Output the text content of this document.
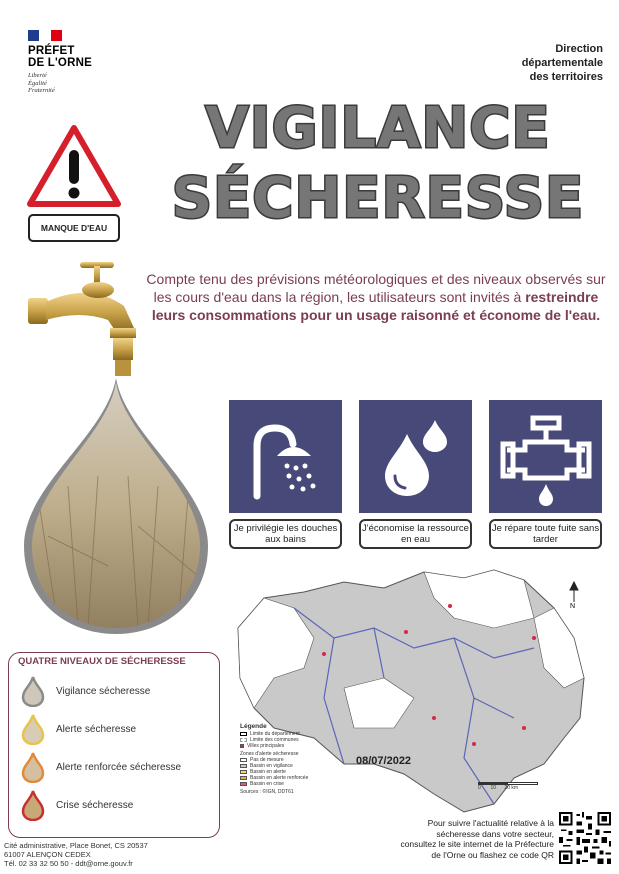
PRÉFET
DE L'ORNE
Liberté
Égalité
Fraternité
Direction
départementale
des territoires
VIGILANCE
SÉCHERESSE
MANQUE D'EAU
Compte tenu des prévisions météorologiques et des niveaux observés sur les cours d'eau dans la région, les utilisateurs sont invités à restreindre leurs consommations pour un usage raisonné et économe de l'eau.
Je privilégie les douches aux bains
J'économise la ressource en eau
Je répare toute fuite sans tarder
N
Légende
Limite du département
Limite des communes
Villes principales
Zones d'alerte sécheresse
Pas de mesure
Bassin en vigilance
Bassin en alerte
Bassin en alerte renforcée
Bassin en crise
Sources : ©IGN, DDT61
08/07/2022
0 10 20 km
QUATRE NIVEAUX DE SÉCHERESSE
Vigilance sécheresse
Alerte sécheresse
Alerte renforcée sécheresse
Crise sécheresse
Cité administrative, Place Bonet, CS 20537
61007 ALENÇON CEDEX
Tél. 02 33 32 50 50 - ddt@orne.gouv.fr
Pour suivre l'actualité relative à la
sécheresse dans votre secteur,
consultez le site internet de la Préfecture
de l'Orne ou flashez ce code QR
